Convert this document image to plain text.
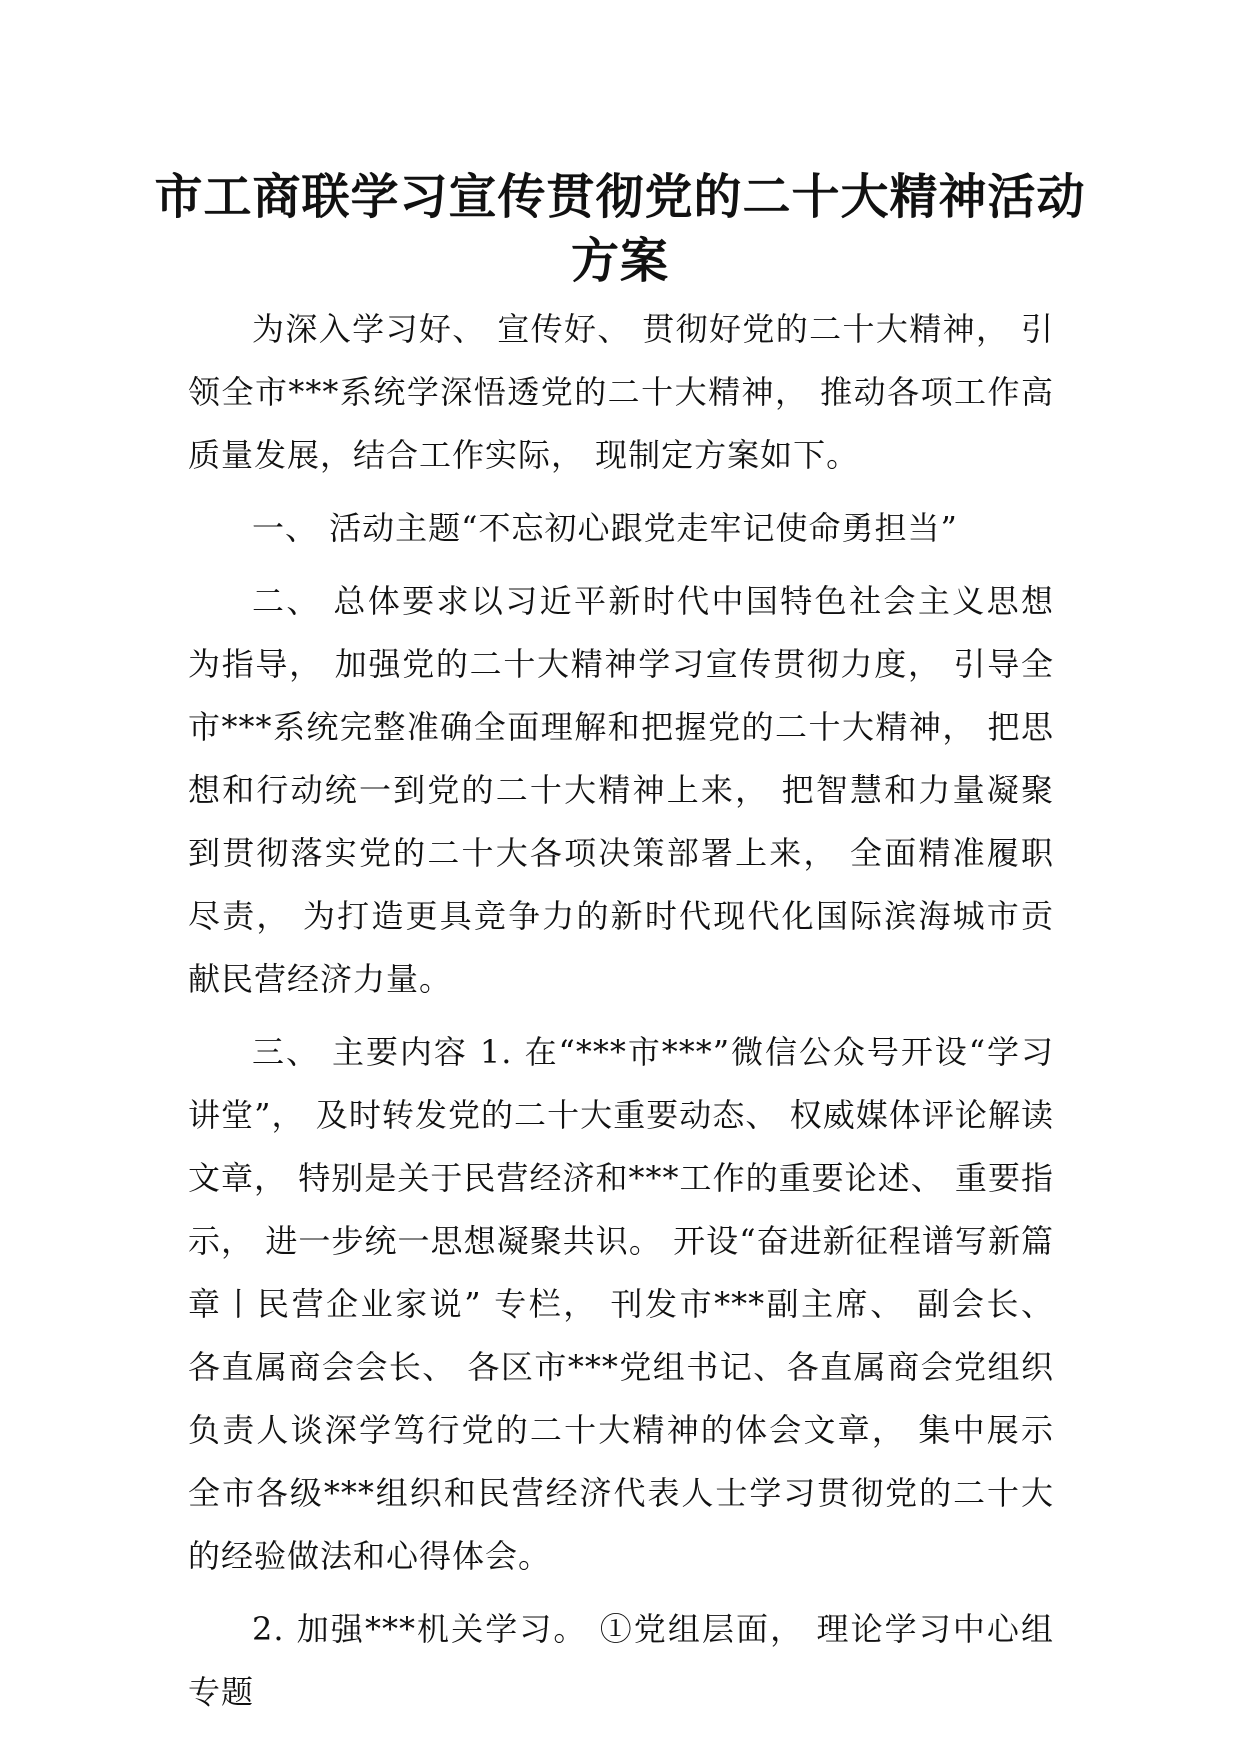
市工商联学习宣传贯彻党的二十大精神活动方案

为深入学习好、 宣传好、 贯彻好党的二十大精神， 引领全市***系统学深悟透党的二十大精神， 推动各项工作高质量发展，结合工作实际， 现制定方案如下。

一、 活动主题“不忘初心跟党走牢记使命勇担当”

二、 总体要求以习近平新时代中国特色社会主义思想为指导， 加强党的二十大精神学习宣传贯彻力度， 引导全市***系统完整准确全面理解和把握党的二十大精神， 把思想和行动统一到党的二十大精神上来， 把智慧和力量凝聚到贯彻落实党的二十大各项决策部署上来， 全面精准履职尽责， 为打造更具竞争力的新时代现代化国际滨海城市贡献民营经济力量。

三、 主要内容 1. 在“***市***”微信公众号开设“学习讲堂”， 及时转发党的二十大重要动态、 权威媒体评论解读文章， 特别是关于民营经济和***工作的重要论述、 重要指示， 进一步统一思想凝聚共识。 开设“奋进新征程谱写新篇章丨民营企业家说” 专栏， 刊发市***副主席、 副会长、 各直属商会会长、 各区市***党组书记、各直属商会党组织负责人谈深学笃行党的二十大精神的体会文章， 集中展示全市各级***组织和民营经济代表人士学习贯彻党的二十大的经验做法和心得体会。

2. 加强***机关学习。 ①党组层面， 理论学习中心组专题
